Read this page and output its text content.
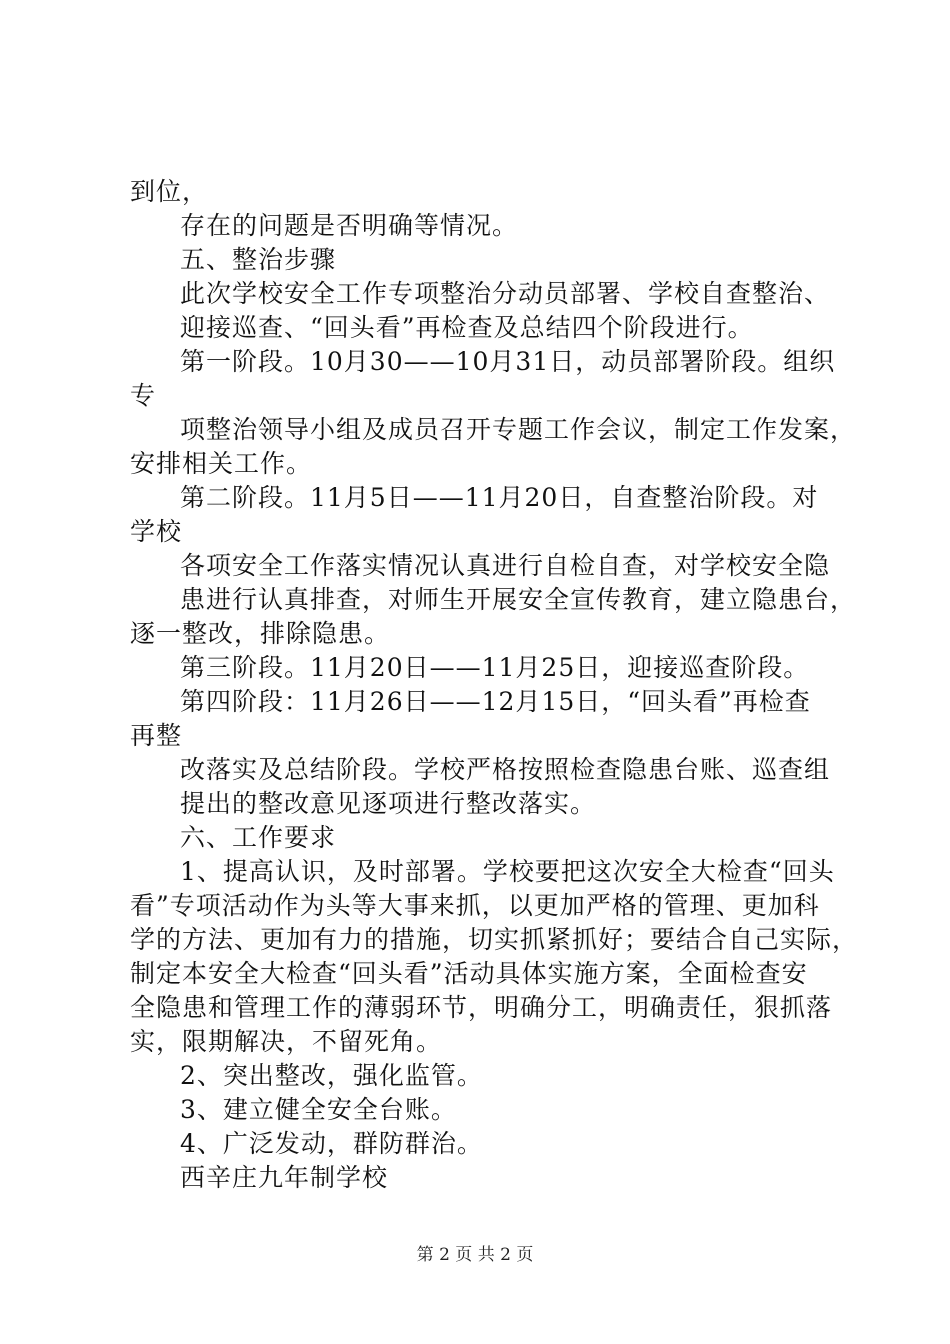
到位，
存在的问题是否明确等情况。
五、整治步骤
此次学校安全工作专项整治分动员部署、学校自查整治、
迎接巡查、“回头看”再检查及总结四个阶段进行。
第一阶段。10月30——10月31日，动员部署阶段。组织
专
项整治领导小组及成员召开专题工作会议，制定工作发案，
安排相关工作。
第二阶段。11月5日——11月20日，自查整治阶段。对
学校
各项安全工作落实情况认真进行自检自查，对学校安全隐
患进行认真排查，对师生开展安全宣传教育，建立隐患台，
逐一整改，排除隐患。
第三阶段。11月20日——11月25日，迎接巡查阶段。
第四阶段：11月26日——12月15日，“回头看”再检查
再整
改落实及总结阶段。学校严格按照检查隐患台账、巡查组
提出的整改意见逐项进行整改落实。
六、工作要求
1、提高认识，及时部署。学校要把这次安全大检查“回头
看”专项活动作为头等大事来抓，以更加严格的管理、更加科
学的方法、更加有力的措施，切实抓紧抓好；要结合自己实际，
制定本安全大检查“回头看”活动具体实施方案，全面检查安
全隐患和管理工作的薄弱环节，明确分工，明确责任，狠抓落
实，限期解决，不留死角。
2、突出整改，强化监管。
3、建立健全安全台账。
4、广泛发动，群防群治。
西辛庄九年制学校
第 2 页 共 2 页
